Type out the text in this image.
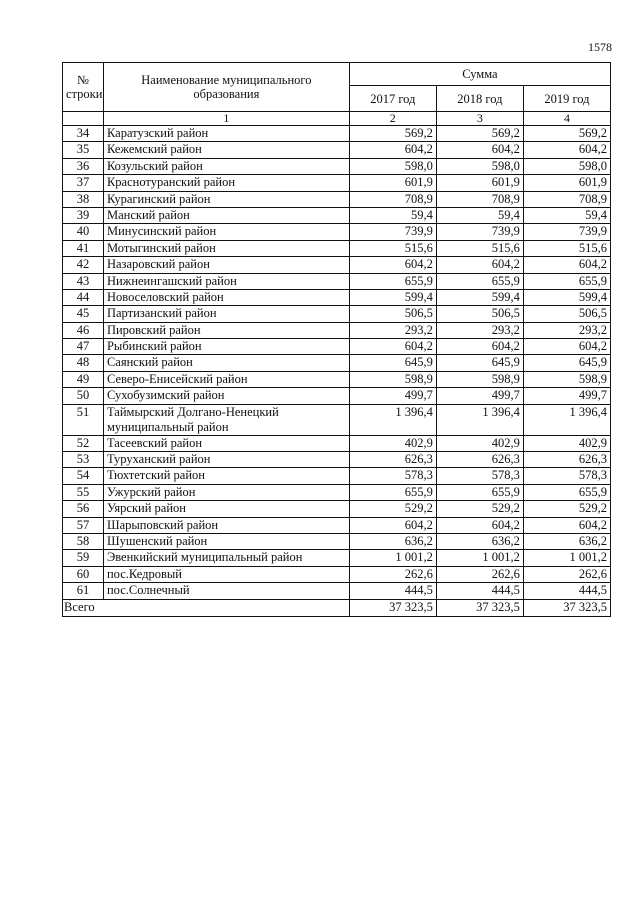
1578
№
строки	Наименование муниципального образования	Сумма		
		2017 год	2018 год	2019 год
	1	2	3	4
34	Каратузский район	569,2	569,2	569,2
35	Кежемский район	604,2	604,2	604,2
36	Козульский район	598,0	598,0	598,0
37	Краснотуранский район	601,9	601,9	601,9
38	Курагинский район	708,9	708,9	708,9
39	Манский район	59,4	59,4	59,4
40	Минусинский район	739,9	739,9	739,9
41	Мотыгинский район	515,6	515,6	515,6
42	Назаровский район	604,2	604,2	604,2
43	Нижнеингашский район	655,9	655,9	655,9
44	Новоселовский район	599,4	599,4	599,4
45	Партизанский район	506,5	506,5	506,5
46	Пировский район	293,2	293,2	293,2
47	Рыбинский район	604,2	604,2	604,2
48	Саянский район	645,9	645,9	645,9
49	Северо-Енисейский район	598,9	598,9	598,9
50	Сухобузимский район	499,7	499,7	499,7
51	Таймырский Долгано-Ненецкий муниципальный район	1 396,4	1 396,4	1 396,4
52	Тасеевский район	402,9	402,9	402,9
53	Туруханский район	626,3	626,3	626,3
54	Тюхтетский район	578,3	578,3	578,3
55	Ужурский район	655,9	655,9	655,9
56	Уярский район	529,2	529,2	529,2
57	Шарыповский район	604,2	604,2	604,2
58	Шушенский район	636,2	636,2	636,2
59	Эвенкийский муниципальный район	1 001,2	1 001,2	1 001,2
60	пос.Кедровый	262,6	262,6	262,6
61	пос.Солнечный	444,5	444,5	444,5
Всего		37 323,5	37 323,5	37 323,5
